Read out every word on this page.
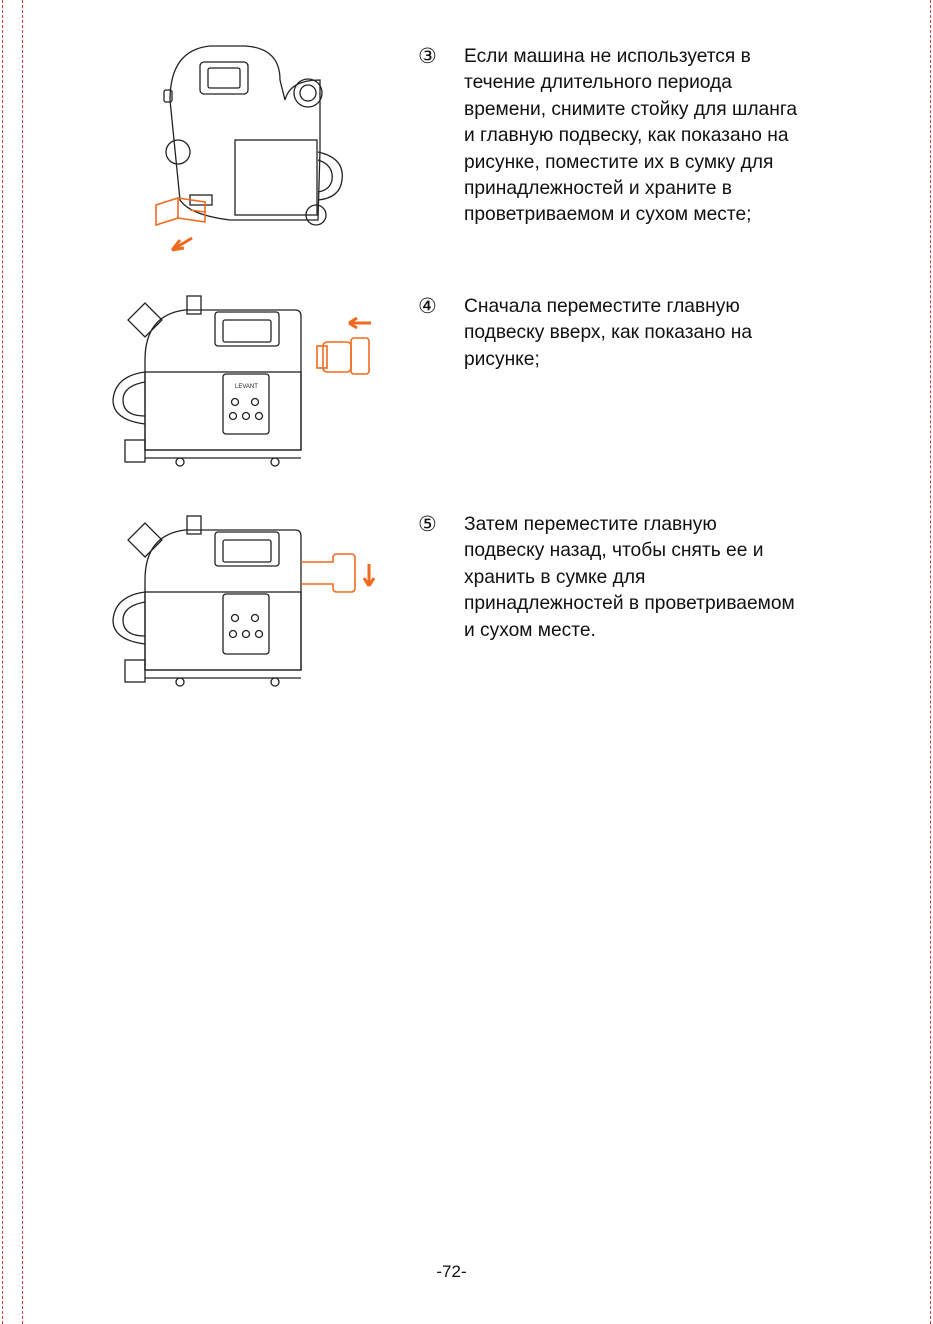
LEVANT
③	Если машина не используется в
течение длительного периода
времени, снимите стойку для шланга
и главную подвеску, как показано на
рисунке, поместите их в сумку для
принадлежностей и храните в
проветриваемом и сухом месте;
④	Сначала переместите главную
подвеску вверх, как показано на
рисунке;
⑤	Затем переместите главную
подвеску назад, чтобы снять ее и
хранить в сумке для
принадлежностей в проветриваемом
и сухом месте.
-72-
